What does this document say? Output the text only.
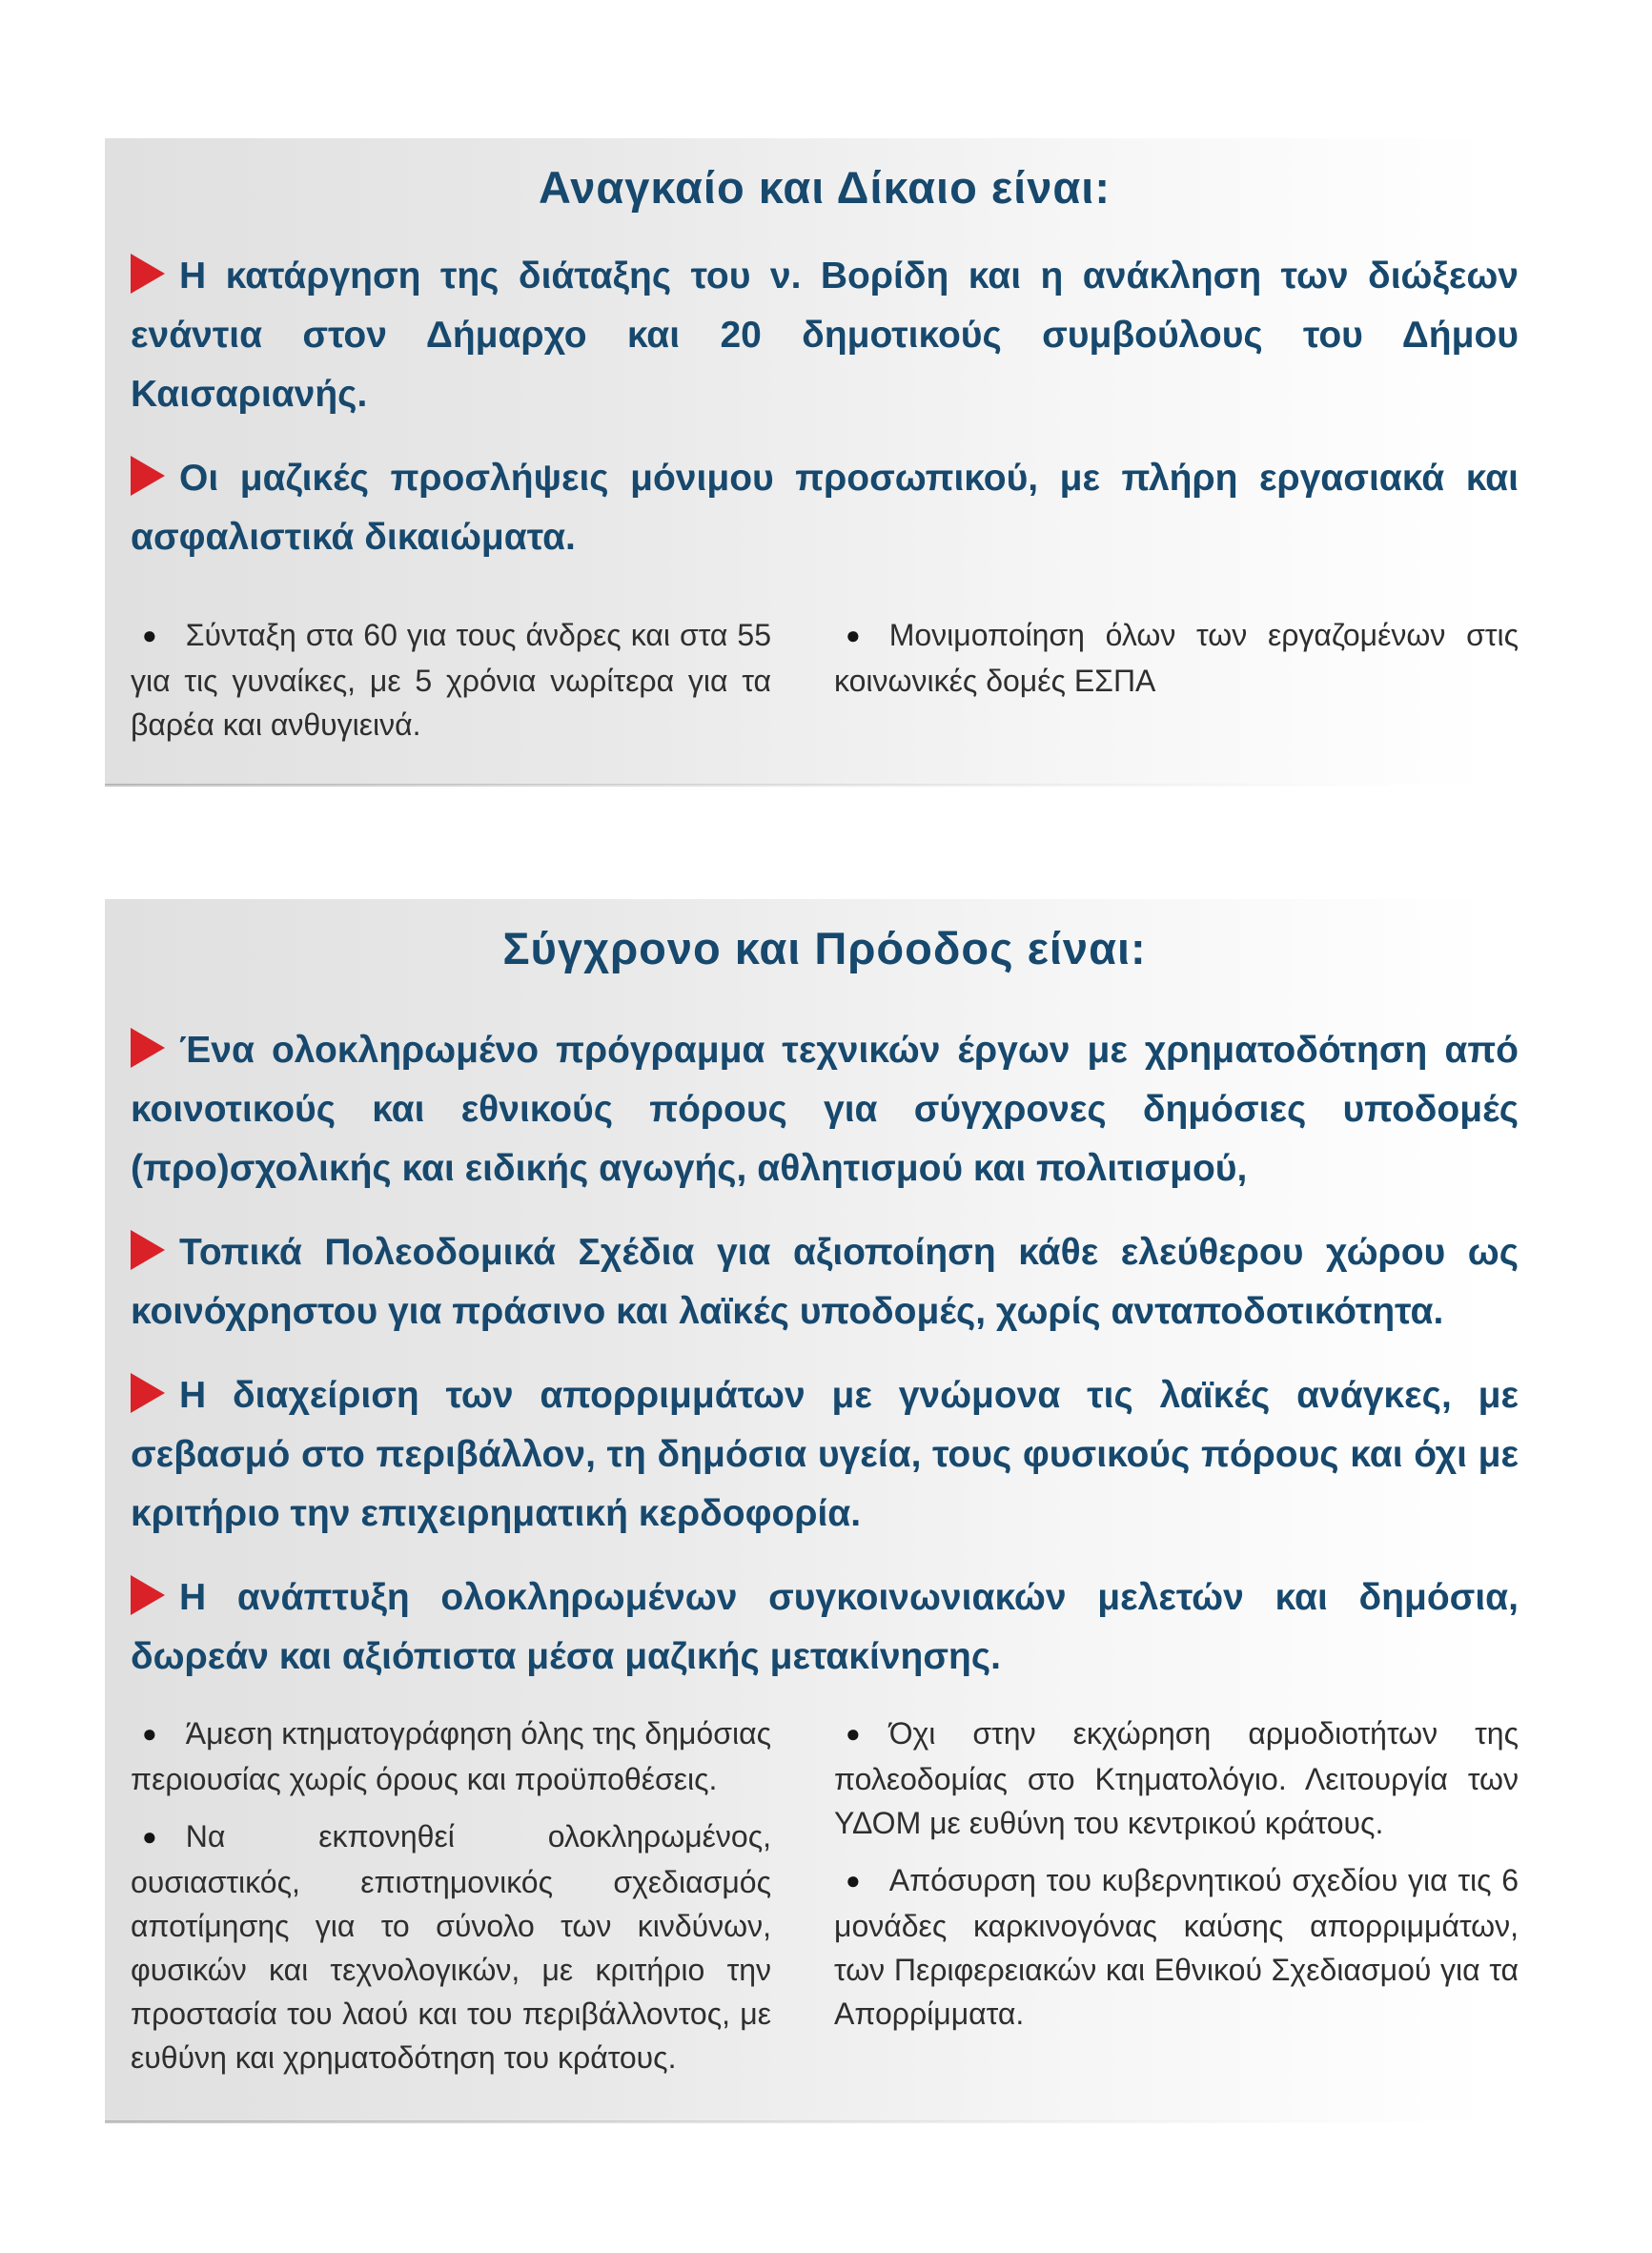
Αναγκαίο και Δίκαιο είναι:

Η κατάργηση της διάταξης του ν. Βορίδη και η ανάκληση των διώξεων ενάντια στον Δήμαρχο και 20 δημοτικούς συμβούλους του Δήμου Καισαριανής.

Οι μαζικές προσλήψεις μόνιμου προσωπικού, με πλήρη εργασιακά και ασφαλιστικά δικαιώματα.

●Σύνταξη στα 60 για τους άνδρες και στα 55 για τις γυναίκες, με 5 χρόνια νωρίτερα για τα βαρέα και ανθυγιεινά.

●Μονιμοποίηση όλων των εργαζομένων στις κοινωνικές δομές ΕΣΠΑ

Σύγχρονο και Πρόοδος είναι:

Ένα ολοκληρωμένο πρόγραμμα τεχνικών έργων με χρηματοδότηση από κοινοτικούς και εθνικούς πόρους για σύγχρονες δημόσιες υποδομές (προ)σχολικής και ειδικής αγωγής, αθλητισμού και πολιτισμού,

Τοπικά Πολεοδομικά Σχέδια για αξιοποίηση κάθε ελεύθερου χώρου ως κοινόχρηστου για πράσινο και λαϊκές υποδομές, χωρίς ανταποδοτικότητα.

Η διαχείριση των απορριμμάτων με γνώμονα τις λαϊκές ανάγκες, με σεβασμό στο περιβάλλον, τη δημόσια υγεία, τους φυσικούς πόρους και όχι με κριτήριο την επιχειρηματική κερδοφορία.

Η ανάπτυξη ολοκληρωμένων συγκοινωνιακών μελετών και δημόσια, δωρεάν και αξιόπιστα μέσα μαζικής μετακίνησης.

●Άμεση κτηματογράφηση όλης της δημόσιας περιουσίας χωρίς όρους και προϋποθέσεις.

●Να εκπονηθεί ολοκληρωμένος, ουσιαστικός, επιστημονικός σχεδιασμός αποτίμησης για το σύνολο των κινδύνων, φυσικών και τεχνολογικών, με κριτήριο την προστασία του λαού και του περιβάλλοντος, με ευθύνη και χρηματοδότηση του κράτους.

●Όχι στην εκχώρηση αρμοδιοτήτων της πολεοδομίας στο Κτηματολόγιο. Λειτουργία των ΥΔΟΜ με ευθύνη του κεντρικού κράτους.

●Απόσυρση του κυβερνητικού σχεδίου για τις 6 μονάδες καρκινογόνας καύσης απορριμμάτων, των Περιφερειακών και Εθνικού Σχεδιασμού για τα Απορρίμματα.
